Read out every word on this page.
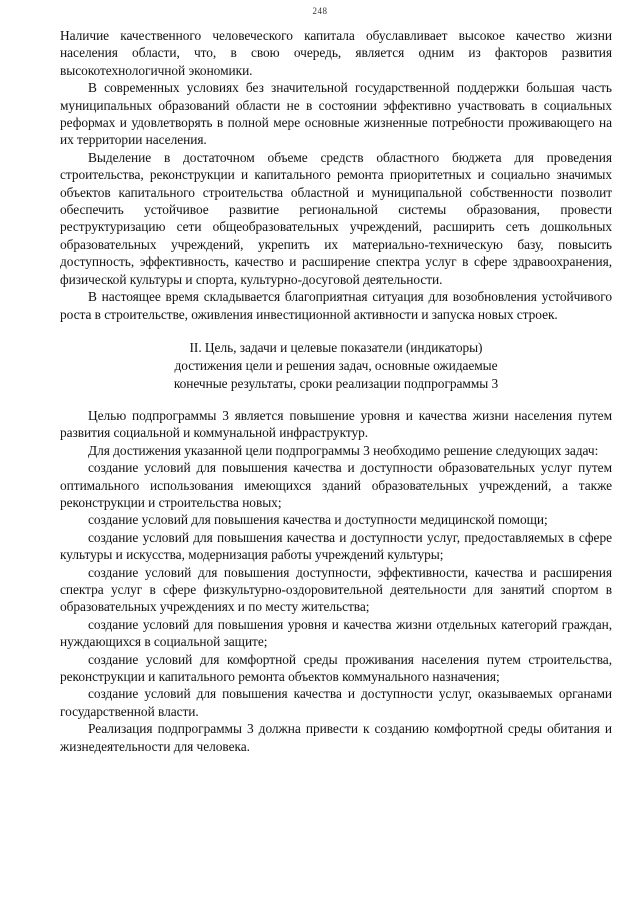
248

Наличие качественного человеческого капитала обуславливает высокое качество жизни населения области, что, в свою очередь, является одним из факторов развития высокотехнологичной экономики.

В современных условиях без значительной государственной поддержки большая часть муниципальных образований области не в состоянии эффективно участвовать в социальных реформах и удовлетворять в полной мере основные жизненные потребности проживающего на их территории населения.

Выделение в достаточном объеме средств областного бюджета для проведения строительства, реконструкции и капитального ремонта приоритетных и социально значимых объектов капитального строительства областной и муниципальной собственности позволит обеспечить устойчивое развитие региональной системы образования, провести реструктуризацию сети общеобразовательных учреждений, расширить сеть дошкольных образовательных учреждений, укрепить их материально-техническую базу, повысить доступность, эффективность, качество и расширение спектра услуг в сфере здравоохранения, физической культуры и спорта, культурно-досуговой деятельности.

В настоящее время складывается благоприятная ситуация для возобновления устойчивого роста в строительстве, оживления инвестиционной активности и запуска новых строек.

II. Цель, задачи и целевые показатели (индикаторы)
достижения цели и решения задач, основные ожидаемые
конечные результаты, сроки реализации подпрограммы 3

Целью подпрограммы 3 является повышение уровня и качества жизни населения путем развития социальной и коммунальной инфраструктур.

Для достижения указанной цели подпрограммы 3 необходимо решение следующих задач:

создание условий для повышения качества и доступности образовательных услуг путем оптимального использования имеющихся зданий образовательных учреждений, а также реконструкции и строительства новых;

создание условий для повышения качества и доступности медицинской помощи;

создание условий для повышения качества и доступности услуг, предоставляемых в сфере культуры и искусства, модернизация работы учреждений культуры;

создание условий для повышения доступности, эффективности, качества и расширения спектра услуг в сфере физкультурно-оздоровительной деятельности для занятий спортом в образовательных учреждениях и по месту жительства;

создание условий для повышения уровня и качества жизни отдельных категорий граждан, нуждающихся в социальной защите;

создание условий для комфортной среды проживания населения путем строительства, реконструкции и капитального ремонта объектов коммунального назначения;

создание условий для повышения качества и доступности услуг, оказываемых органами государственной власти.

Реализация подпрограммы 3 должна привести к созданию комфортной среды обитания и жизнедеятельности для человека.
